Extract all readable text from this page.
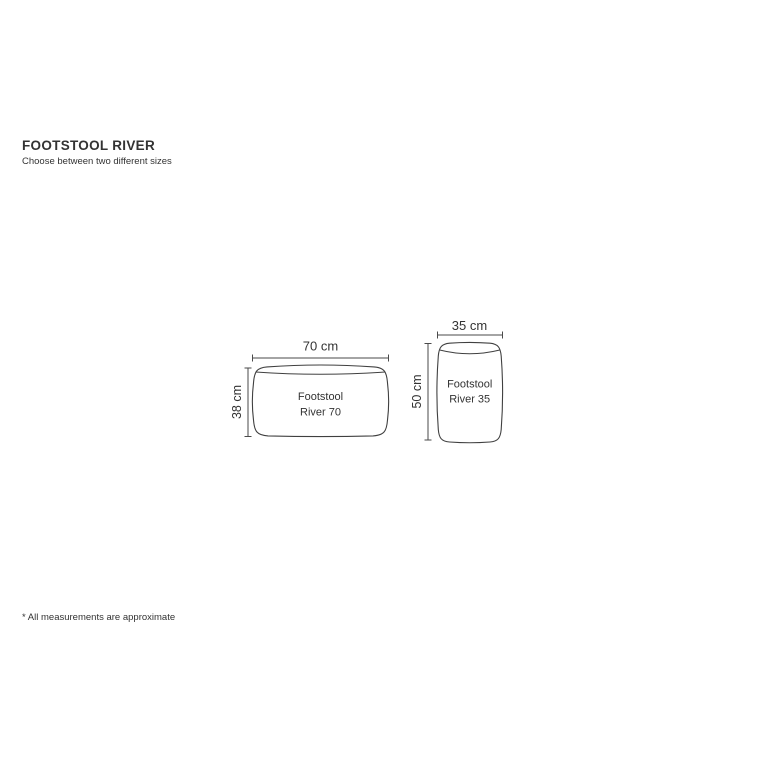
FOOTSTOOL RIVER
Choose between two different sizes
70 cm
38 cm	Footstool
River 70
35 cm
50 cm Footstool
River 35
* All measurements are approximate
